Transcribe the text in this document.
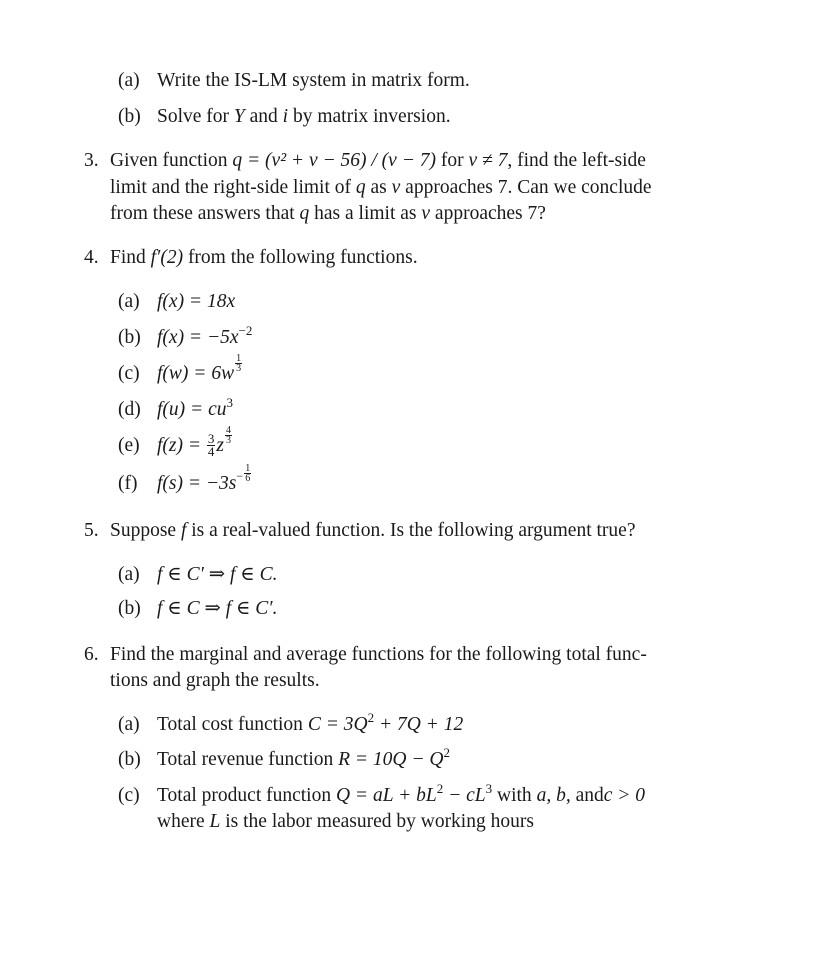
(a) Write the IS-LM system in matrix form.
(b) Solve for Y and i by matrix inversion.
3. Given function q = (v² + v − 56) / (v − 7) for v ≠ 7, find the left-side
limit and the right-side limit of q as v approaches 7. Can we conclude
from these answers that q has a limit as v approaches 7?
4. Find f′(2) from the following functions.
(a) f(x) = 18x
(b) $f(x) = -5x^{-2}$
(c) $f(w) = 6w \frac{1}{3}$
(d) $f(u) = cu^3$
(e) $f(z) = \frac{3}{4}$ z $\frac{4}{3}$
(f) $f(s) = -3s^- \frac{1}{6}$
5. Suppose f is a real-valued function. Is the following argument true?
(a) f ∈ C′ ⇒ f ∈ C.
(b) f ∈ C ⇒ f ∈ C′.
6. Find the marginal and average functions for the following total func-
tions and graph the results.
(a) Total cost function $C = 3Q^2 + 7Q + 12$
(b) Total revenue function $R = 10Q - Q^2$
(c) Total product function Q = aL + $bL^2 - cL^3$ with a, b, andc > 0
where L is the labor measured by working hours
